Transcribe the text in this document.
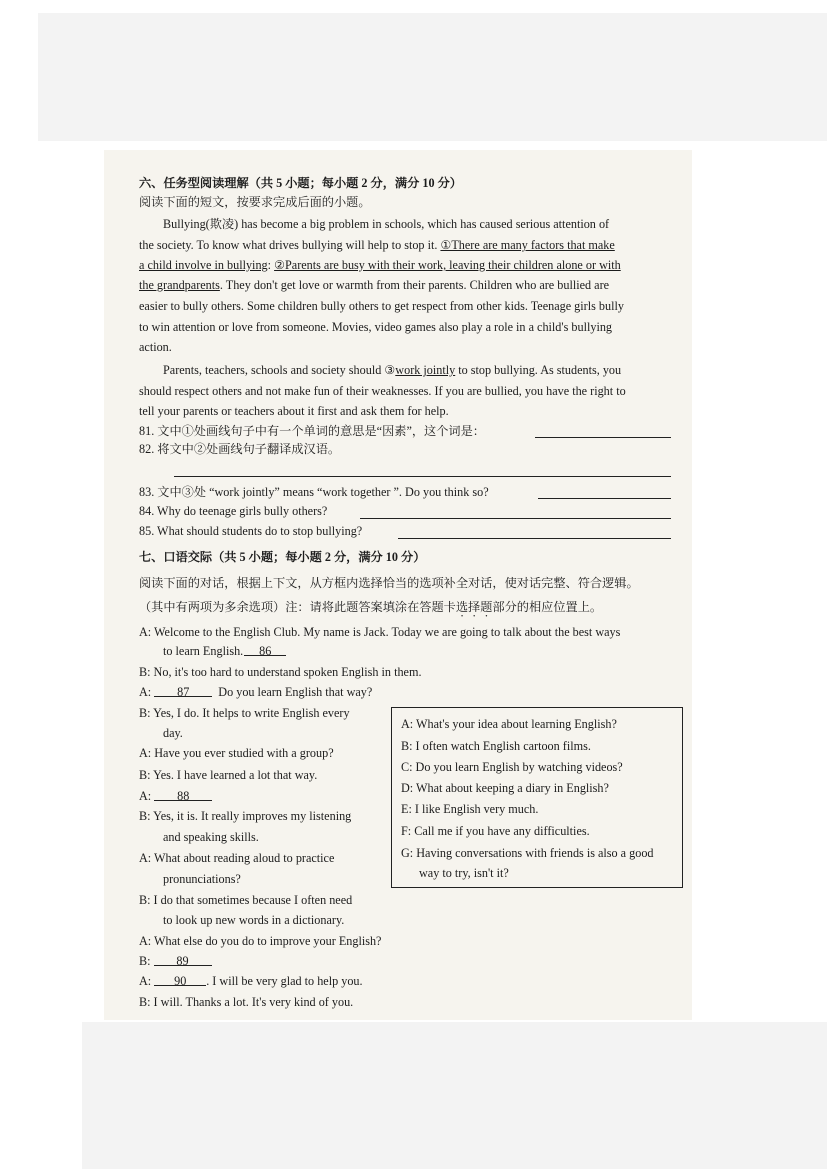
六、任务型阅读理解（共 5 小题；每小题 2 分，满分 10 分）
阅读下面的短文，按要求完成后面的小题。
Bullying(欺凌) has become a big problem in schools, which has caused serious attention of
the society. To know what drives bullying will help to stop it. ①There are many factors that make
a child involve in bullying: ②Parents are busy with their work, leaving their children alone or with
the grandparents. They don't get love or warmth from their parents. Children who are bullied are
easier to bully others. Some children bully others to get respect from other kids. Teenage girls bully
to win attention or love from someone. Movies, video games also play a role in a child's bullying
action.
Parents, teachers, schools and society should ③work jointly to stop bullying. As students, you
should respect others and not make fun of their weaknesses. If you are bullied, you have the right to
tell your parents or teachers about it first and ask them for help.
81. 文中①处画线句子中有一个单词的意思是“因素”，这个词是：
82. 将文中②处画线句子翻译成汉语。
83. 文中③处 “work jointly” means “work together ”. Do you think so?
84. Why do teenage girls bully others?
85. What should students do to stop bullying?
七、口语交际（共 5 小题；每小题 2 分，满分 10 分）
阅读下面的对话，根据上下文，从方框内选择恰当的选项补全对话，使对话完整、符合逻辑。
（其中有两项为多余选项）注：请将此题答案填涂在答题卡选择题部分的相应位置上。
A: Welcome to the English Club. My name is Jack. Today we are going to talk about the best ways
to learn English. 86
B: No, it's too hard to understand spoken English in them.
A: 87 Do you learn English that way?
B: Yes, I do. It helps to write English every
day.
A: Have you ever studied with a group?
B: Yes. I have learned a lot that way.
A: 88
B: Yes, it is. It really improves my listening
and speaking skills.
A: What about reading aloud to practice
pronunciations?
B: I do that sometimes because I often need
to look up new words in a dictionary.
A: What else do you do to improve your English?
B: 89
A: 90 . I will be very glad to help you.
B: I will. Thanks a lot. It's very kind of you.
A: What's your idea about learning English?
B: I often watch English cartoon films.
C: Do you learn English by watching videos?
D: What about keeping a diary in English?
E: I like English very much.
F: Call me if you have any difficulties.
G: Having conversations with friends is also a good
way to try, isn't it?
